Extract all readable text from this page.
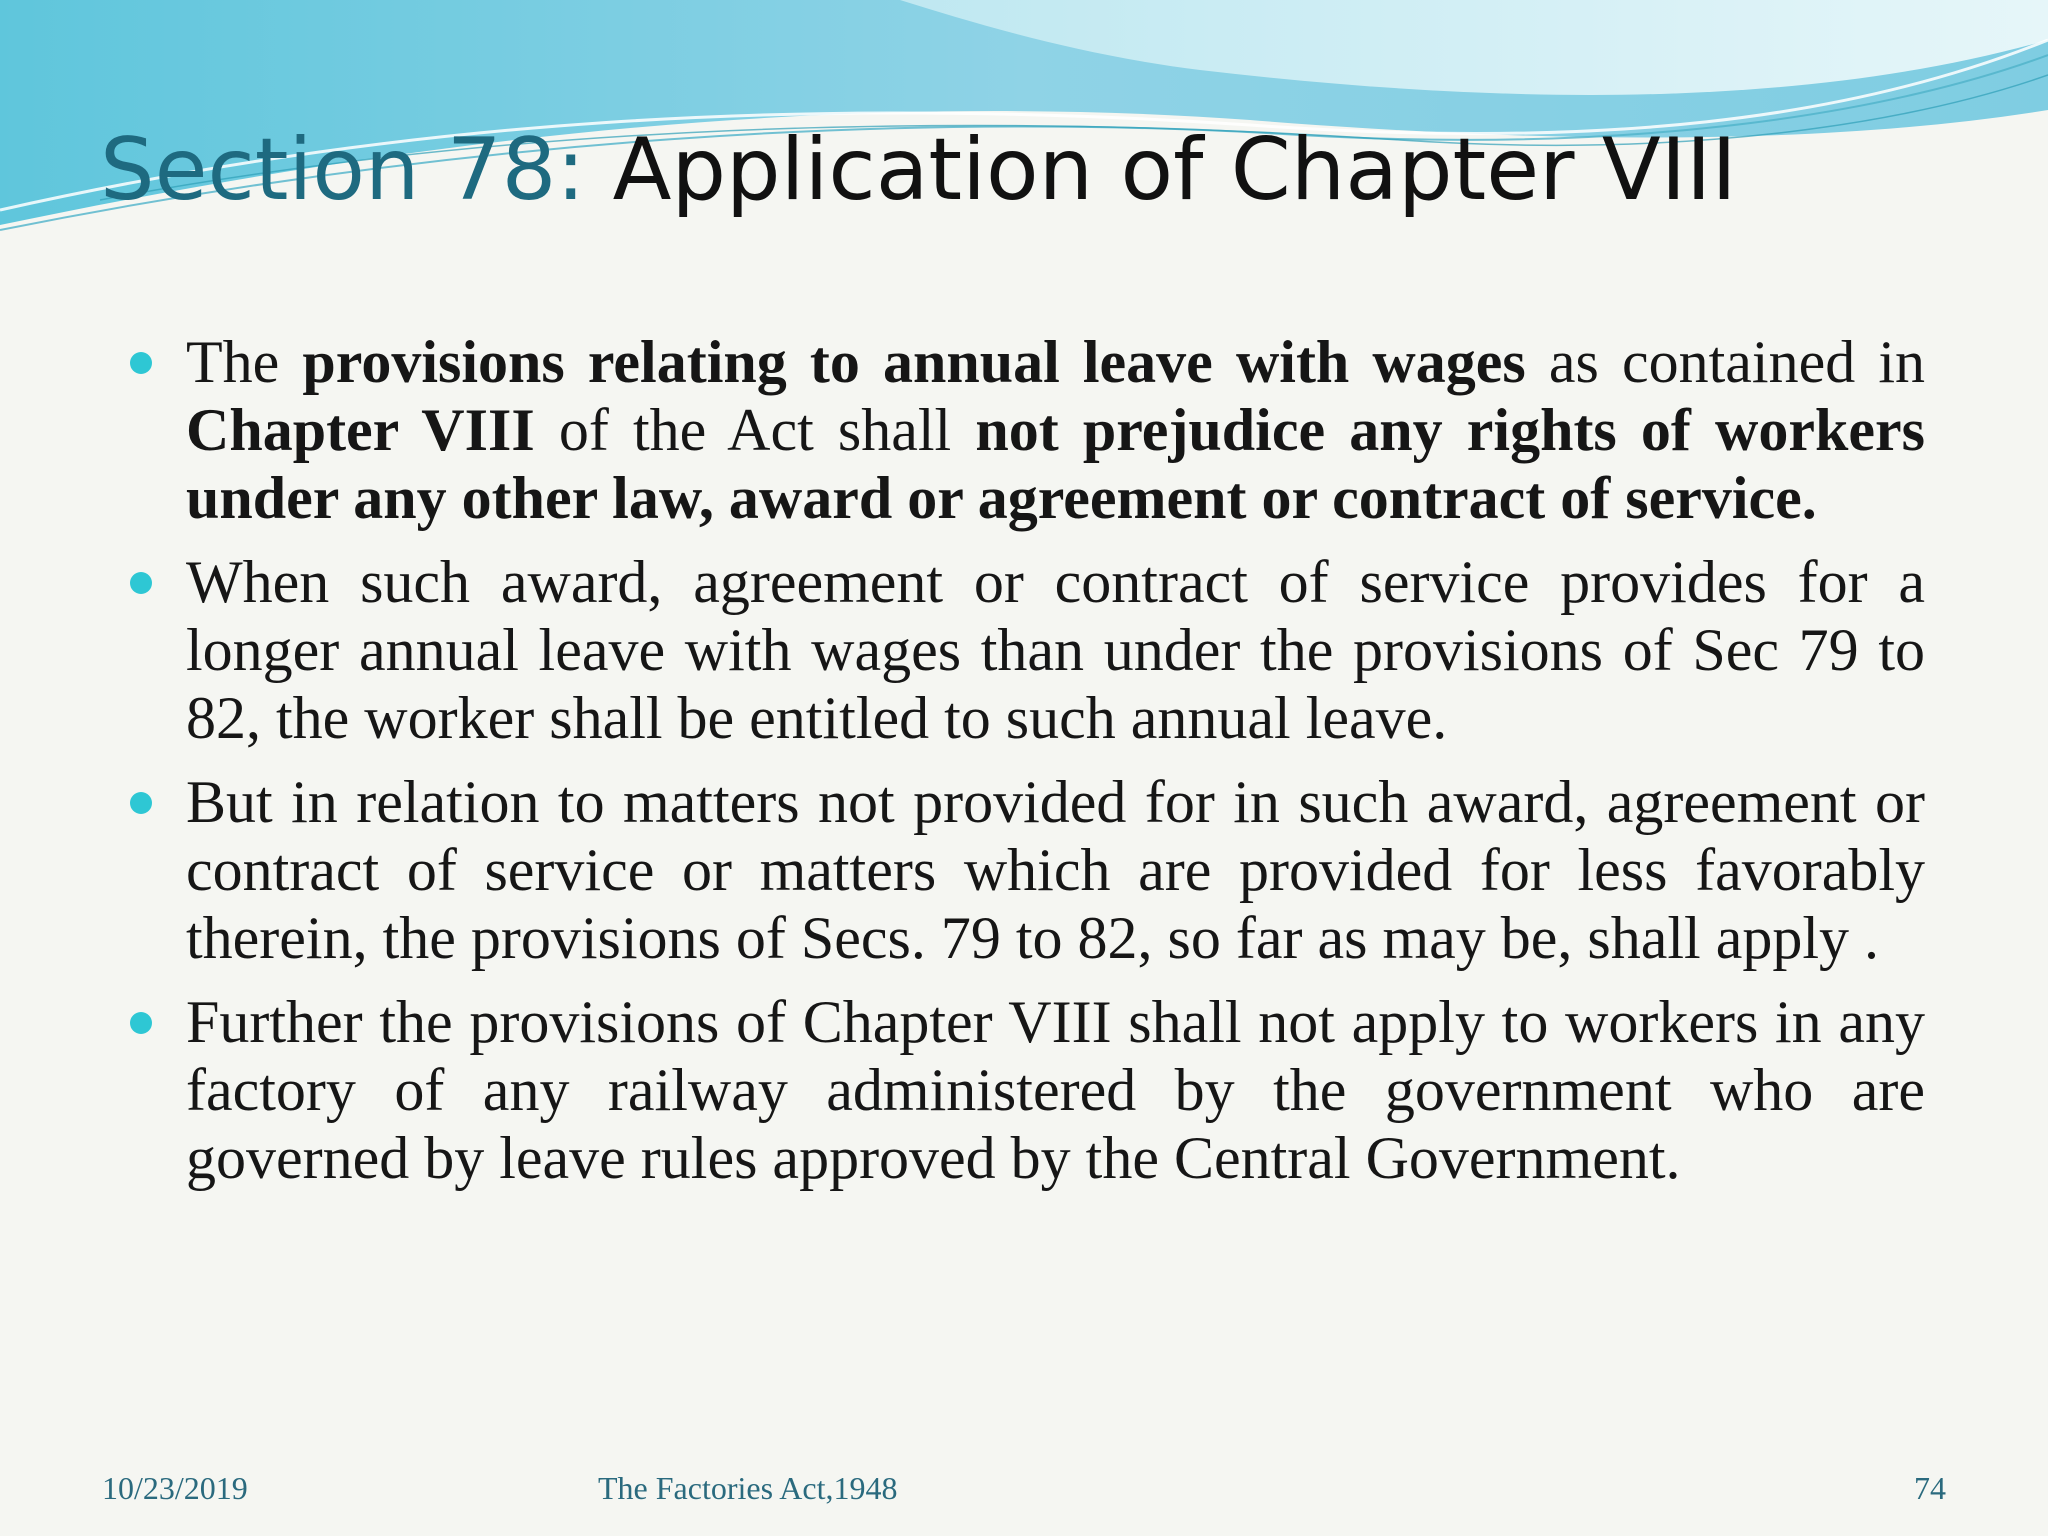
Section 78: Application of Chapter VIII
The provisions relating to annual leave with wages as contained in Chapter VIII of the Act shall not prejudice any rights of workers under any other law, award or agreement or contract of service.
When such award, agreement or contract of service provides for a longer annual leave with wages than under the provisions of Sec 79 to 82, the worker shall be entitled to such annual leave.
But in relation to matters not provided for in such award, agreement or contract of service or matters which are provided for less favorably therein, the provisions of Secs. 79 to 82, so far as may be, shall apply .
Further the provisions of Chapter VIII shall not apply to workers in any factory of any railway administered by the government who are governed by leave rules approved by the Central Government.
10/23/2019	The Factories Act,1948	74
